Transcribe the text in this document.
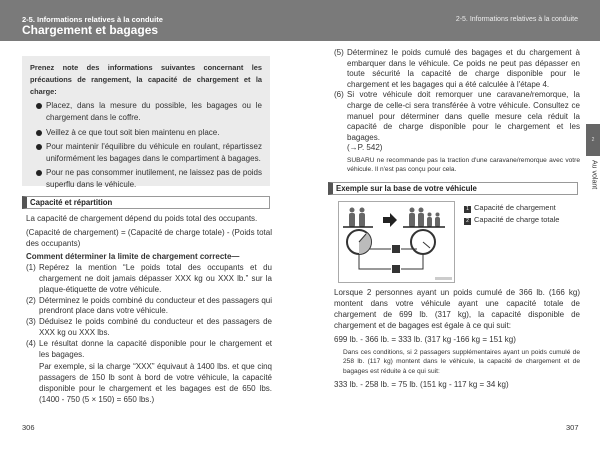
2-5. Informations relatives à la conduite
Chargement et bagages
2-5. Informations relatives à la conduite
Prenez note des informations suivantes concernant les précautions de rangement, la capacité de chargement et la charge:
Placez, dans la mesure du possible, les bagages ou le chargement dans le coffre.
Veillez à ce que tout soit bien maintenu en place.
Pour maintenir l'équilibre du véhicule en roulant, répartissez uniformément les bagages dans le compartiment à bagages.
Pour ne pas consommer inutilement, ne laissez pas de poids superflu dans le véhicule.
Capacité et répartition
La capacité de chargement dépend du poids total des occupants.
(Capacité de chargement) = (Capacité de charge totale) - (Poids total des occupants)
Comment déterminer la limite de chargement correcte—
(1) Repérez la mention “Le poids total des occupants et du chargement ne doit jamais dépasser XXX kg ou XXX lb.” sur la plaque-étiquette de votre véhicule.
(2) Déterminez le poids combiné du conducteur et des passagers qui prendront place dans votre véhicule.
(3) Déduisez le poids combiné du conducteur et des passagers de XXX kg ou XXX lbs.
(4) Le résultat donne la capacité disponible pour le chargement et les bagages.
Par exemple, si la charge “XXX” équivaut à 1400 lbs. et que cinq passagers de 150 lb sont à bord de votre véhicule, la capacité disponible pour le chargement et les bagages est de 650 lbs. (1400 - 750 (5 × 150) = 650 lbs.)
306
(5) Déterminez le poids cumulé des bagages et du chargement à embarquer dans le véhicule. Ce poids ne peut pas dépasser en toute sécurité la capacité de charge disponible pour le chargement et les bagages qui a été calculée à l'étape 4.
(6) Si votre véhicule doit remorquer une caravane/remorque, la charge de celle-ci sera transférée à votre véhicule. Consultez ce manuel pour déterminer dans quelle mesure cela réduit la capacité de charge disponible pour le chargement et les bagages.
(→P. 542)
SUBARU ne recommande pas la traction d'une caravane/remorque avec votre véhicule. Il n'est pas conçu pour cela.
Exemple sur la base de votre véhicule
1 Capacité de chargement
2 Capacité de charge totale
Lorsque 2 personnes ayant un poids cumulé de 366 lb. (166 kg) montent dans votre véhicule ayant une capacité totale de chargement de 699 lb. (317 kg), la capacité disponible de chargement et de bagages est égale à ce qui suit:
699 lb. - 366 lb. = 333 lb. (317 kg -166 kg = 151 kg)
Dans ces conditions, si 2 passagers supplémentaires ayant un poids cumulé de 258 lb. (117 kg) montent dans le véhicule, la capacité de chargement et de bagages est réduite à ce qui suit:
333 lb. - 258 lb. = 75 lb. (151 kg - 117 kg = 34 kg)
307
2
Au volant
